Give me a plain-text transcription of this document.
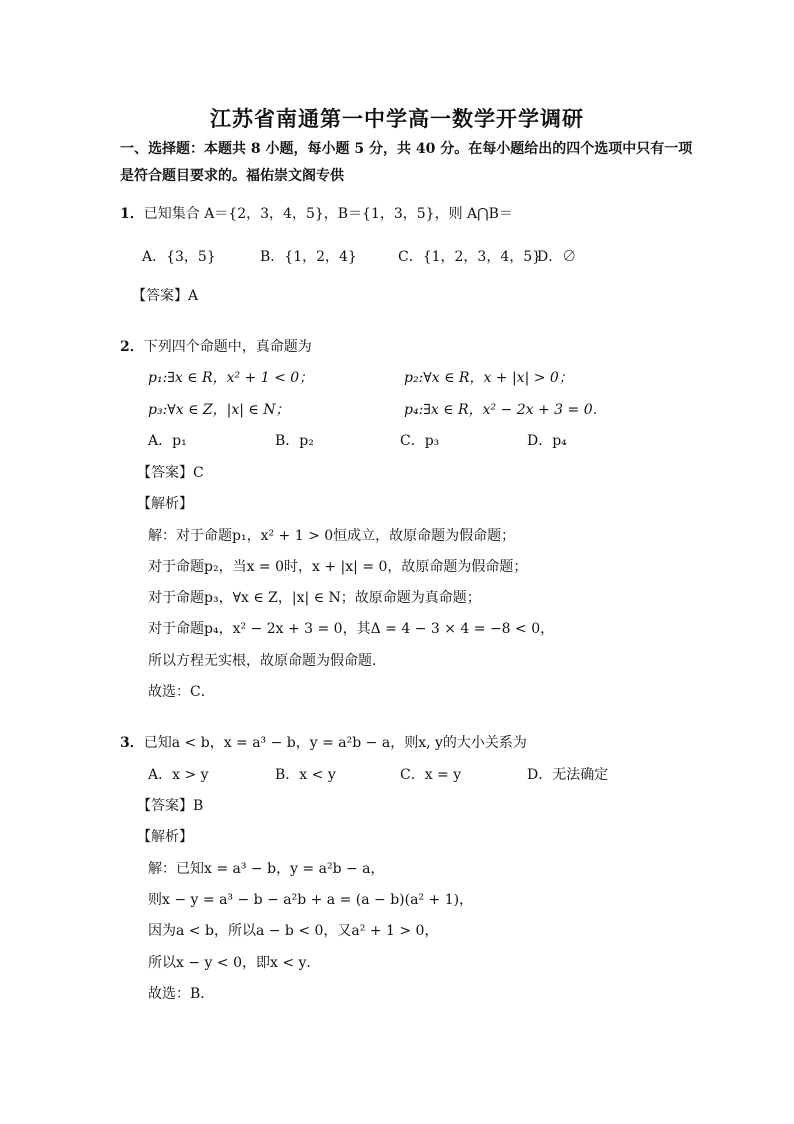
江苏省南通第一中学高一数学开学调研
一、选择题：本题共 8 小题，每小题 5 分，共 40 分。在每小题给出的四个选项中只有一项
是符合题目要求的。福佑崇文阁专供
1．已知集合 A＝{2，3，4，5}，B＝{1，3，5}，则 A⋂B＝
A．{3，5}	B．{1，2，4}	C．{1，2，3，4，5}
D．∅
【答案】A
2．下列四个命题中，真命题为
p₁:∃x ∈ R，x² + 1 < 0；	p₂:∀x ∈ R，x + |x| > 0；
p₃:∀x ∈ Z，|x| ∈ N；	p₄:∃x ∈ R，x² − 2x + 3 = 0．
A．p₁	B．p₂	C．p₃	D．p₄
【答案】C
【解析】
解：对于命题p₁，x² + 1 > 0恒成立，故原命题为假命题；
对于命题p₂，当x = 0时，x + |x| = 0，故原命题为假命题；
对于命题p₃，∀x ∈ Z，|x| ∈ N；故原命题为真命题；
对于命题p₄，x² − 2x + 3 = 0，其Δ = 4 − 3 × 4 = −8 < 0，
所以方程无实根，故原命题为假命题.
故选：C．
3．已知a < b，x = a³ − b，y = a²b − a，则x, y的大小关系为
A．x > y	B．x < y	C．x = y	D．无法确定
【答案】B
【解析】
解：已知x = a³ − b，y = a²b − a，
则x − y = a³ − b − a²b + a = (a − b)(a² + 1)，
因为a < b，所以a − b < 0，又a² + 1 > 0，
所以x − y < 0，即x < y．
故选：B．
